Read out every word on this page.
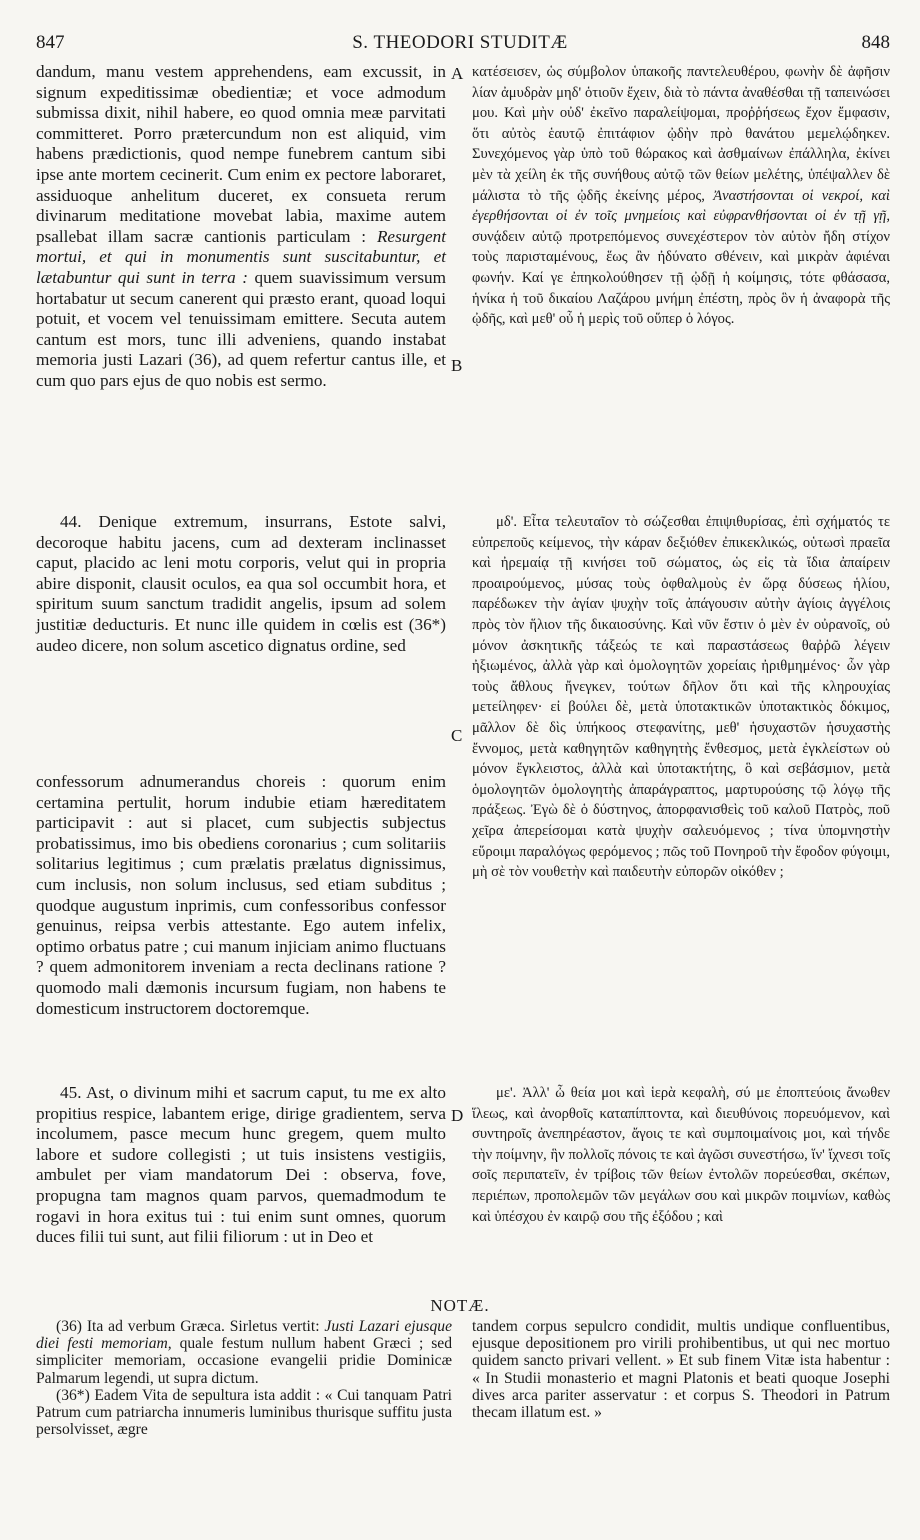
847	S. THEODORI STUDITÆ	848
A
B
C
D

dandum, manu vestem apprehendens, eam excussit, in signum expeditissimæ obedientiæ; et voce admodum submissa dixit, nihil habere, eo quod omnia meæ parvitati committeret. Porro prætercundum non est aliquid, vim habens prædictionis, quod nempe funebrem cantum sibi ipse ante mortem cecinerit. Cum enim ex pectore laboraret, assiduoque anhelitum duceret, ex consueta rerum divinarum meditatione movebat labia, maxime autem psallebat illam sacræ cantionis particulam : Resurgent mortui, et qui in monumentis sunt suscitabuntur, et lætabuntur qui sunt in terra : quem suavissimum versum hortabatur ut secum canerent qui præsto erant, quoad loqui potuit, et vocem vel tenuissimam emittere. Secuta autem cantum est mors, tunc illi adveniens, quando instabat memoria justi Lazari (36), ad quem refertur cantus ille, et cum quo pars ejus de quo nobis est sermo.

44. Denique extremum, insurrans, Estote salvi, decoroque habitu jacens, cum ad dexteram inclinasset caput, placido ac leni motu corporis, velut qui in propria abire disponit, clausit oculos, ea qua sol occumbit hora, et spiritum suum sanctum tradidit angelis, ipsum ad solem justitiæ deducturis. Et nunc ille quidem in cœlis est (36*) audeo dicere, non solum ascetico dignatus ordine, sed

confessorum adnumerandus choreis : quorum enim certamina pertulit, horum indubie etiam hæreditatem participavit : aut si placet, cum subjectis subjectus probatissimus, imo bis obediens coronarius ; cum solitariis solitarius legitimus ; cum prælatis prælatus dignissimus, cum inclusis, non solum inclusus, sed etiam subditus ; quodque augustum inprimis, cum confessoribus confessor genuinus, reipsa verbis attestante. Ego autem infelix, optimo orbatus patre ; cui manum injiciam animo fluctuans ? quem admonitorem inveniam a recta declinans ratione ? quomodo mali dæmonis incursum fugiam, non habens te domesticum instructorem doctoremque.

45. Ast, o divinum mihi et sacrum caput, tu me ex alto propitius respice, labantem erige, dirige gradientem, serva incolumem, pasce mecum hunc gregem, quem multo labore et sudore collegisti ; ut tuis insistens vestigiis, ambulet per viam mandatorum Dei : observa, fove, propugna tam magnos quam parvos, quemadmodum te rogavi in hora exitus tui : tui enim sunt omnes, quorum duces filii tui sunt, aut filii filiorum : ut in Deo et

κατέσεισεν, ὡς σύμβολον ὑπακοῆς παντελευθέρου, φωνὴν δὲ ἀφῆσιν λίαν ἀμυδρὰν μηδ' ὁτιοῦν ἔχειν, διὰ τὸ πάντα ἀναθέσθαι τῇ ταπεινώσει μου. Καὶ μὴν οὐδ' ἐκεῖνο παραλείψομαι, προῤῥήσεως ἔχον ἔμφασιν, ὅτι αὐτὸς ἑαυτῷ ἐπιτάφιον ᾠδὴν πρὸ θανάτου μεμελῴδηκεν. Συνεχόμενος γὰρ ὑπὸ τοῦ θώρακος καὶ ἀσθμαίνων ἐπάλληλα, ἐκίνει μὲν τὰ χείλη ἐκ τῆς συνήθους αὐτῷ τῶν θείων μελέτης, ὑπέψαλλεν δὲ μάλιστα τὸ τῆς ᾠδῆς ἐκείνης μέρος, Ἀναστήσονται οἱ νεκροί, καὶ ἐγερθήσονται οἱ ἐν τοῖς μνημείοις καὶ εὐφρανθήσονται οἱ ἐν τῇ γῇ, συνᾴδειν αὐτῷ προτρεπόμενος συνεχέστερον τὸν αὐτὸν ἤδη στίχον τοὺς παρισταμένους, ἕως ἂν ἠδύνατο σθένειν, καὶ μικρὰν ἀφιέναι φωνήν. Καί γε ἐπηκολούθησεν τῇ ᾠδῇ ἡ κοίμησις, τότε φθάσασα, ἡνίκα ἡ τοῦ δικαίου Λαζάρου μνήμη ἐπέστη, πρὸς ὃν ἡ ἀναφορὰ τῆς ᾠδῆς, καὶ μεθ' οὗ ἡ μερὶς τοῦ οὕπερ ὁ λόγος.

μδ'. Εἶτα τελευταῖον τὸ σώζεσθαι ἐπιψιθυρίσας, ἐπὶ σχήματός τε εὐπρεποῦς κείμενος, τὴν κάραν δεξιόθεν ἐπικεκλικώς, οὑτωσὶ πραεῖα καὶ ἠρεμαίᾳ τῇ κινήσει τοῦ σώματος, ὡς εἰς τὰ ἴδια ἀπαίρειν προαιρούμενος, μύσας τοὺς ὀφθαλμοὺς ἐν ὥρᾳ δύσεως ἡλίου, παρέδωκεν τὴν ἁγίαν ψυχὴν τοῖς ἀπάγουσιν αὐτὴν ἁγίοις ἀγγέλοις πρὸς τὸν ἥλιον τῆς δικαιοσύνης. Καὶ νῦν ἔστιν ὁ μὲν ἐν οὐρανοῖς, οὐ μόνον ἀσκητικῆς τάξεώς τε καὶ παραστάσεως θαῤῥῶ λέγειν ἠξιωμένος, ἀλλὰ γὰρ καὶ ὁμολογητῶν χορείαις ἠριθμημένος· ὧν γὰρ τοὺς ἄθλους ἤνεγκεν, τούτων δῆλον ὅτι καὶ τῆς κληρουχίας μετείληφεν· εἰ βούλει δὲ, μετὰ ὑποτακτικῶν ὑποτακτικὸς δόκιμος, μᾶλλον δὲ δὶς ὑπήκοος στεφανίτης, μεθ' ἡσυχαστῶν ἡσυχαστὴς ἔννομος, μετὰ καθηγητῶν καθηγητὴς ἔνθεσμος, μετὰ ἐγκλείστων οὐ μόνον ἔγκλειστος, ἀλλὰ καὶ ὑποτακτήτης, ὃ καὶ σεβάσμιον, μετὰ ὁμολογητῶν ὁμολογητὴς ἀπαράγραπτος, μαρτυρούσης τῷ λόγῳ τῆς πράξεως. Ἐγὼ δὲ ὁ δύστηνος, ἀπορφανισθεὶς τοῦ καλοῦ Πατρὸς, ποῦ χεῖρα ἀπερείσομαι κατὰ ψυχὴν σαλευόμενος ; τίνα ὑπομνηστὴν εὕροιμι παραλόγως φερόμενος ; πῶς τοῦ Πονηροῦ τὴν ἔφοδον φύγοιμι, μὴ σὲ τὸν νουθετὴν καὶ παιδευτὴν εὐπορῶν οἰκόθεν ;

με'. Ἀλλ' ὦ θεία μοι καὶ ἱερὰ κεφαλὴ, σύ με ἐποπτεύοις ἄνωθεν ἵλεως, καὶ ἀνορθοῖς καταπίπτοντα, καὶ διευθύνοις πορευόμενον, καὶ συντηροῖς ἀνεπηρέαστον, ἄγοις τε καὶ συμποιμαίνοις μοι, καὶ τήνδε τὴν ποίμνην, ἣν πολλοῖς πόνοις τε καὶ ἀγῶσι συνεστήσω, ἵν' ἴχνεσι τοῖς σοῖς περιπατεῖν, ἐν τρίβοις τῶν θείων ἐντολῶν πορεύεσθαι, σκέπων, περιέπων, προπολεμῶν τῶν μεγάλων σου καὶ μικρῶν ποιμνίων, καθὼς καὶ ὑπέσχου ἐν καιρῷ σου τῆς ἐξόδου ; καὶ

NOTÆ.

(36) Ita ad verbum Græca. Sirletus vertit: Justi Lazari ejusque diei festi memoriam, quale festum nullum habent Græci ; sed simpliciter memoriam, occasione evangelii pridie Dominicæ Palmarum legendi, ut supra dictum.

(36*) Eadem Vita de sepultura ista addit : « Cui tanquam Patri Patrum cum patriarcha innumeris luminibus thurisque suffitu justa persolvisset, ægre

tandem corpus sepulcro condidit, multis undique confluentibus, ejusque depositionem pro virili prohibentibus, ut qui nec mortuo quidem sancto privari vellent. » Et sub finem Vitæ ista habentur : « In Studii monasterio et magni Platonis et beati quoque Josephi dives arca pariter asservatur : et corpus S. Theodori in Patrum thecam illatum est. »
